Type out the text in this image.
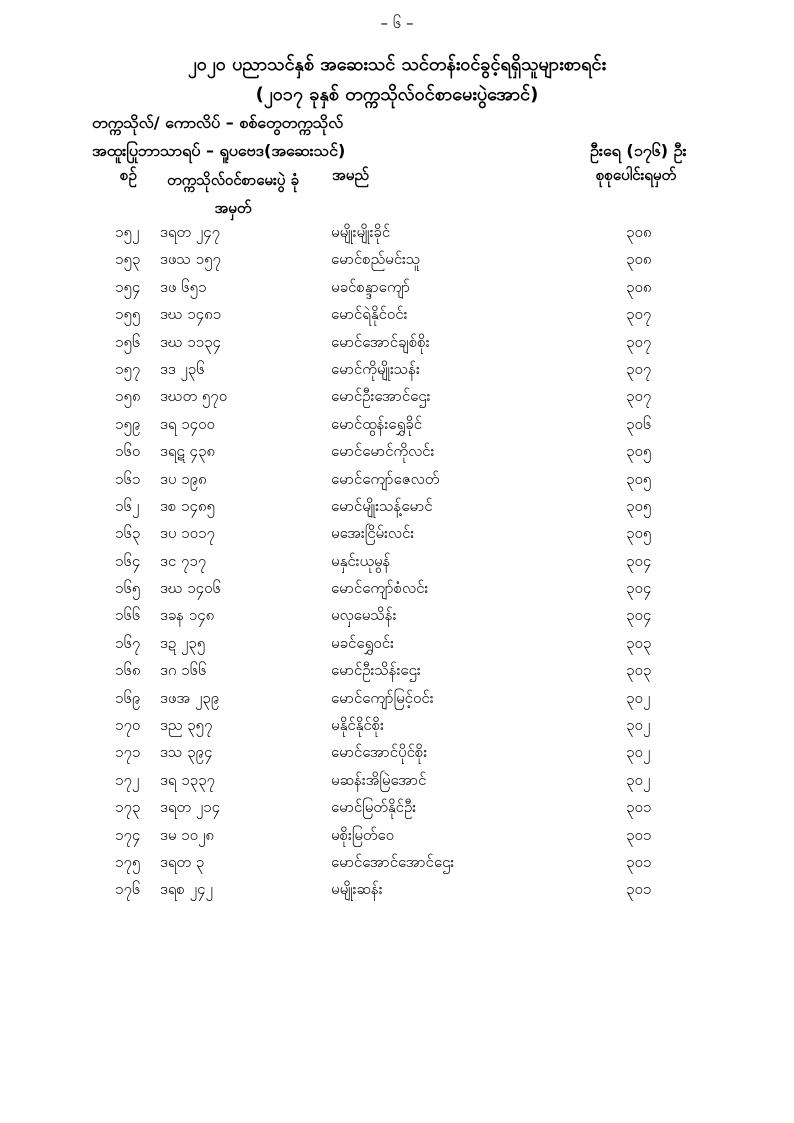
– ၆ –
၂၀၂၀ ပညာသင်နှစ် အဆေးသင် သင်တန်းဝင်ခွင့်ရရှိသူများစာရင်း
(၂၀၁၇ ခုနှစ် တက္ကသိုလ်ဝင်စာမေးပွဲအောင်)
တက္ကသိုလ်/ ကောလိပ် – စစ်တွေတက္ကသိုလ်
အထူးပြုဘာသာရပ် – ရူပဗေဒ(အဆေးသင်)	ဦးရေ (၁၇၆) ဦး
စဉ်	တက္ကသိုလ်ဝင်စာမေးပွဲ ခုံအမှတ်
အမည်	စုစုပေါင်းရမှတ်
၁၅၂ ဒရတ ၂၄၇	မမျိုးမျိုးခိုင်	၃၀၈
၁၅၃ ဒဖသ ၁၅၇	မောင်စည်မင်းသူ	၃၀၈
၁၅၄ ဒဖ ၆၅၁	မခင်စန္ဒာကျော်	၃၀၈
၁၅၅ ဒဃ ၁၄၈၁	မောင်ရဲနိုင်ဝင်း	၃၀၇
၁၅၆ ဒဃ ၁၁၃၄	မောင်အောင်ချစ်စိုး	၃၀၇
၁၅၇ ဒဒ ၂၃၆	မောင်ကိုမျိုးသန်း	၃၀၇
၁၅၈ ဒဃတ ၅၇၀	မောင်ဦးအောင်ဌေး	၃၀၇
၁၅၉ ဒရ ၁၄၀၀	မောင်ထွန်းရွှေခိုင်	၃၀၆
၁၆၀ ဒရဋ ၄၃၈	မောင်မောင်ကိုလင်း	၃၀၅
၁၆၁ ဒပ ၁၉၈	မောင်ကျော်ဇေလတ်	၃၀၅
၁၆၂ ဒစ ၁၄၈၅	မောင်မျိုးသန့်မောင်	၃၀၅
၁၆၃ ဒပ ၁၀၁၇	မအေးငြိမ်းလင်း	၃၀၅
၁၆၄ ဒင ၇၁၇	မနှင်းယုမွန်	၃၀၄
၁၆၅ ဒဃ ၁၄၀၆	မောင်ကျော်စံလင်း	၃၀၄
၁၆၆ ဒခန ၁၄၈	မလှမေသိန်း	၃၀၄
၁၆၇ ဒဍ ၂၃၅	မခင်ရွှေဝင်း	၃၀၃
၁၆၈ ဒဂ ၁၆၆	မောင်ဦးသိန်းဌေး	၃၀၃
၁၆၉ ဒဖအ ၂၃၉	မောင်ကျော်မြင့်ဝင်း	၃၀၂
၁၇၀ ဒည ၃၅၇	မနိုင်နိုင်စိုး	၃၀၂
၁၇၁ ဒသ ၃၉၄	မောင်အောင်ပိုင်စိုး	၃၀၂
၁၇၂ ဒရ ၁၃၃၇	မဆန်းအိမြဲအောင်	၃၀၂
၁၇၃ ဒရတ ၂၁၄	မောင်မြတ်နိုင်ဦး	၃၀၁
၁၇၄ ဒမ ၁၀၂၈	မစိုးမြတ်ဝေ	၃၀၁
၁၇၅ ဒရတ ၃	မောင်အောင်အောင်ဌေး	၃၀၁
၁၇၆ ဒရစ ၂၄၂	မမျိုးဆန်း	၃၀၁
